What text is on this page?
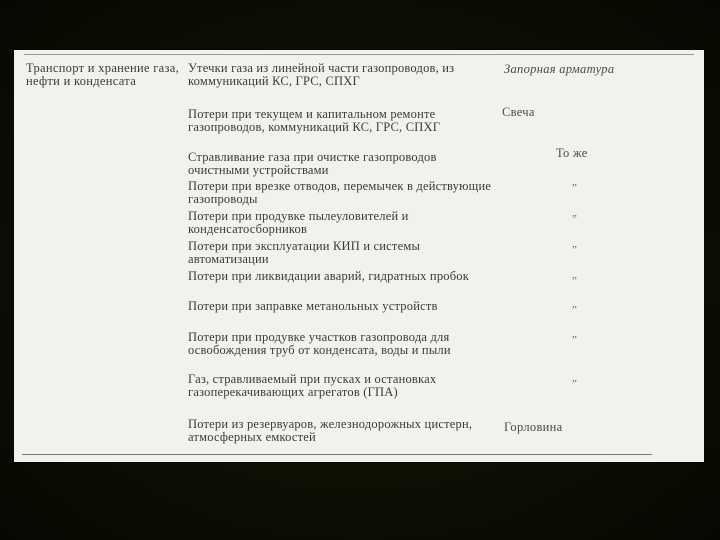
Транспорт и хранение газа, нефти и конденсата
Утечки газа из линейной части газопроводов, из коммуникаций КС, ГРС, СПХГ
Запорная арматура
Потери при текущем и капитальном ремонте газопроводов, коммуникаций КС, ГРС, СПХГ
Свеча
Стравливание газа при очистке газопроводов очистными устройствами
То же
Потери при врезке отводов, перемычек в действующие газопроводы
„
Потери при продувке пылеуловителей и конденсатосборников
„
Потери при эксплуатации КИП и системы автоматизации
„
Потери при ликвидации аварий, гидратных пробок	„
Потери при заправке метанольных устройств	„
Потери при продувке участков газопровода для освобождения труб от конденсата, воды и пыли
„
Газ, стравливаемый при пусках и остановках газоперекачивающих агрегатов (ГПА)
„
Потери из резервуаров, железнодорожных цистерн, атмосферных емкостей
Горловина
